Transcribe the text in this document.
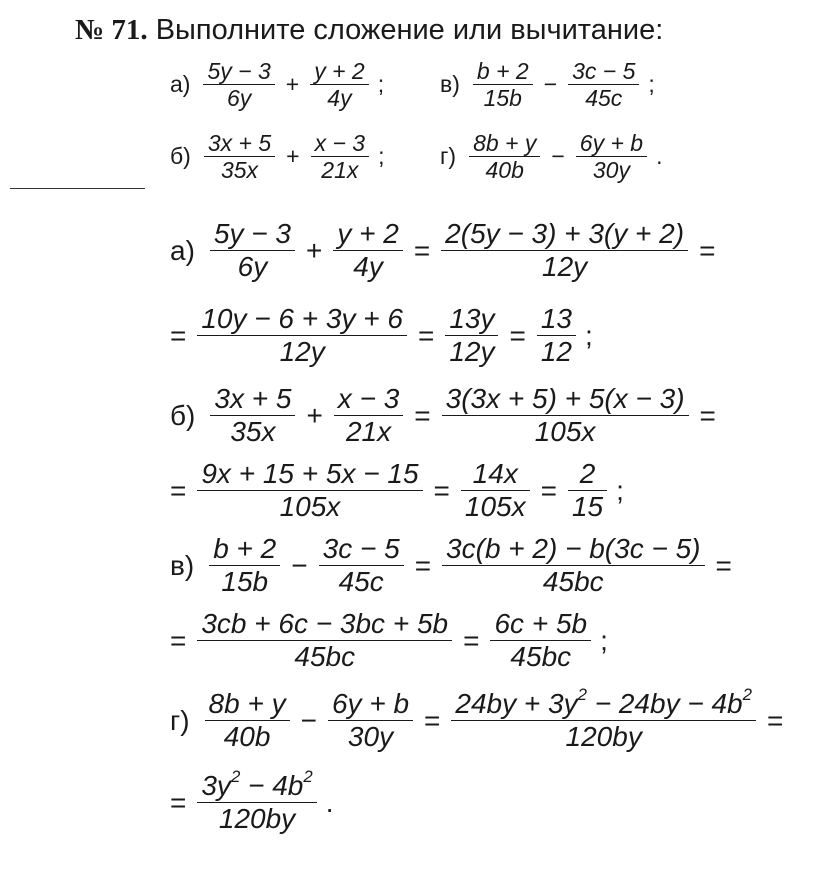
№ 71. Выполните сложение или вычитание:
$а) \frac{5y - 3}{6y} + \frac{y + 2}{4y}$ ; $в) \frac{b + 2}{15b} - \frac{3c - 5}{45c}$ ;
$б) \frac{3x + 5}{35x} + \frac{x - 3}{21x}$ ; $г) \frac{8b + y}{40b} - \frac{6y + b}{30y}$ .
$а) \frac{5y - 3}{6y} + \frac{y + 2}{4y} = \frac{2(5y - 3) + 3(y + 2)}{12y}$ =
= $\frac{10y - 6 + 3y + 6}{12y} = \frac{13y}{12y} = \frac{13}{12}$ ;
$б) \frac{3x + 5}{35x} + \frac{x - 3}{21x} = \frac{3(3x + 5) + 5(x - 3)}{105x}$ =
= $\frac{9x + 15 + 5x - 15}{105x} = \frac{14x}{105x} = \frac{2}{15}$ ;
$в) \frac{b + 2}{15b} - \frac{3c - 5}{45c} = \frac{3c(b + 2) - b(3c - 5)}{45bc}$ =
= $\frac{3cb + 6c - 3bc + 5b}{45bc} = \frac{6c + 5b}{45bc}$ ;
$г) \frac{8b + y}{40b} - \frac{6y + b}{30y} = \frac{24by + 3y^2 - 24by - 4b^2}{120by}$ =
= $\frac{3y^2 - 4b^2}{120by}$ .
